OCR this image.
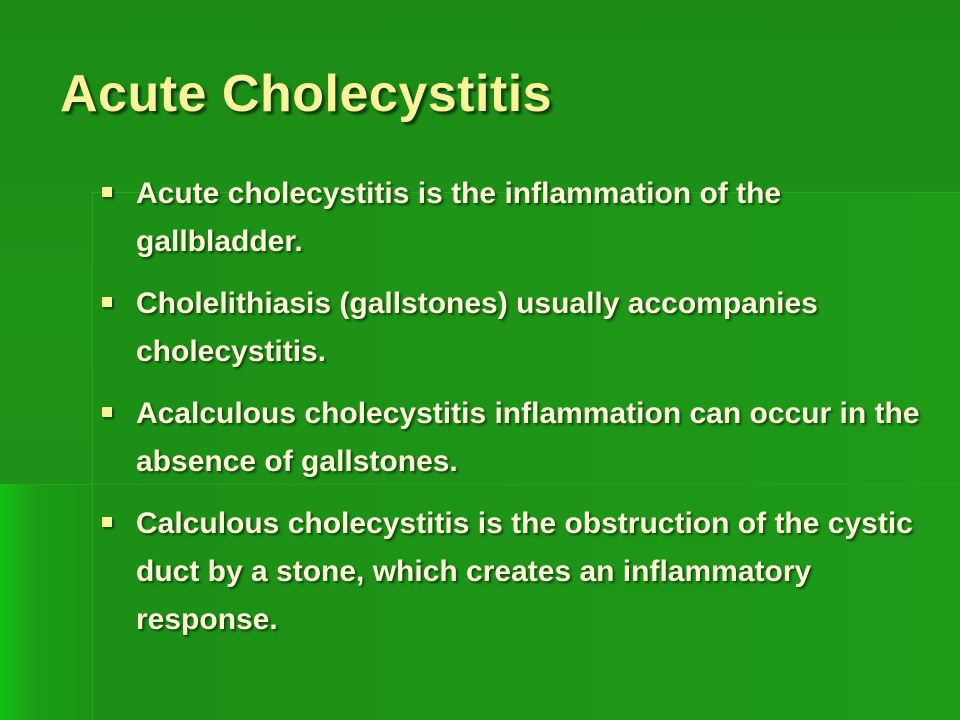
Acute Cholecystitis
Acute cholecystitis is the inflammation of the gallbladder.
Cholelithiasis (gallstones) usually accompanies cholecystitis.
Acalculous cholecystitis inflammation can occur in the absence of gallstones.
Calculous cholecystitis is the obstruction of the cystic duct by a stone, which creates an inflammatory response.
